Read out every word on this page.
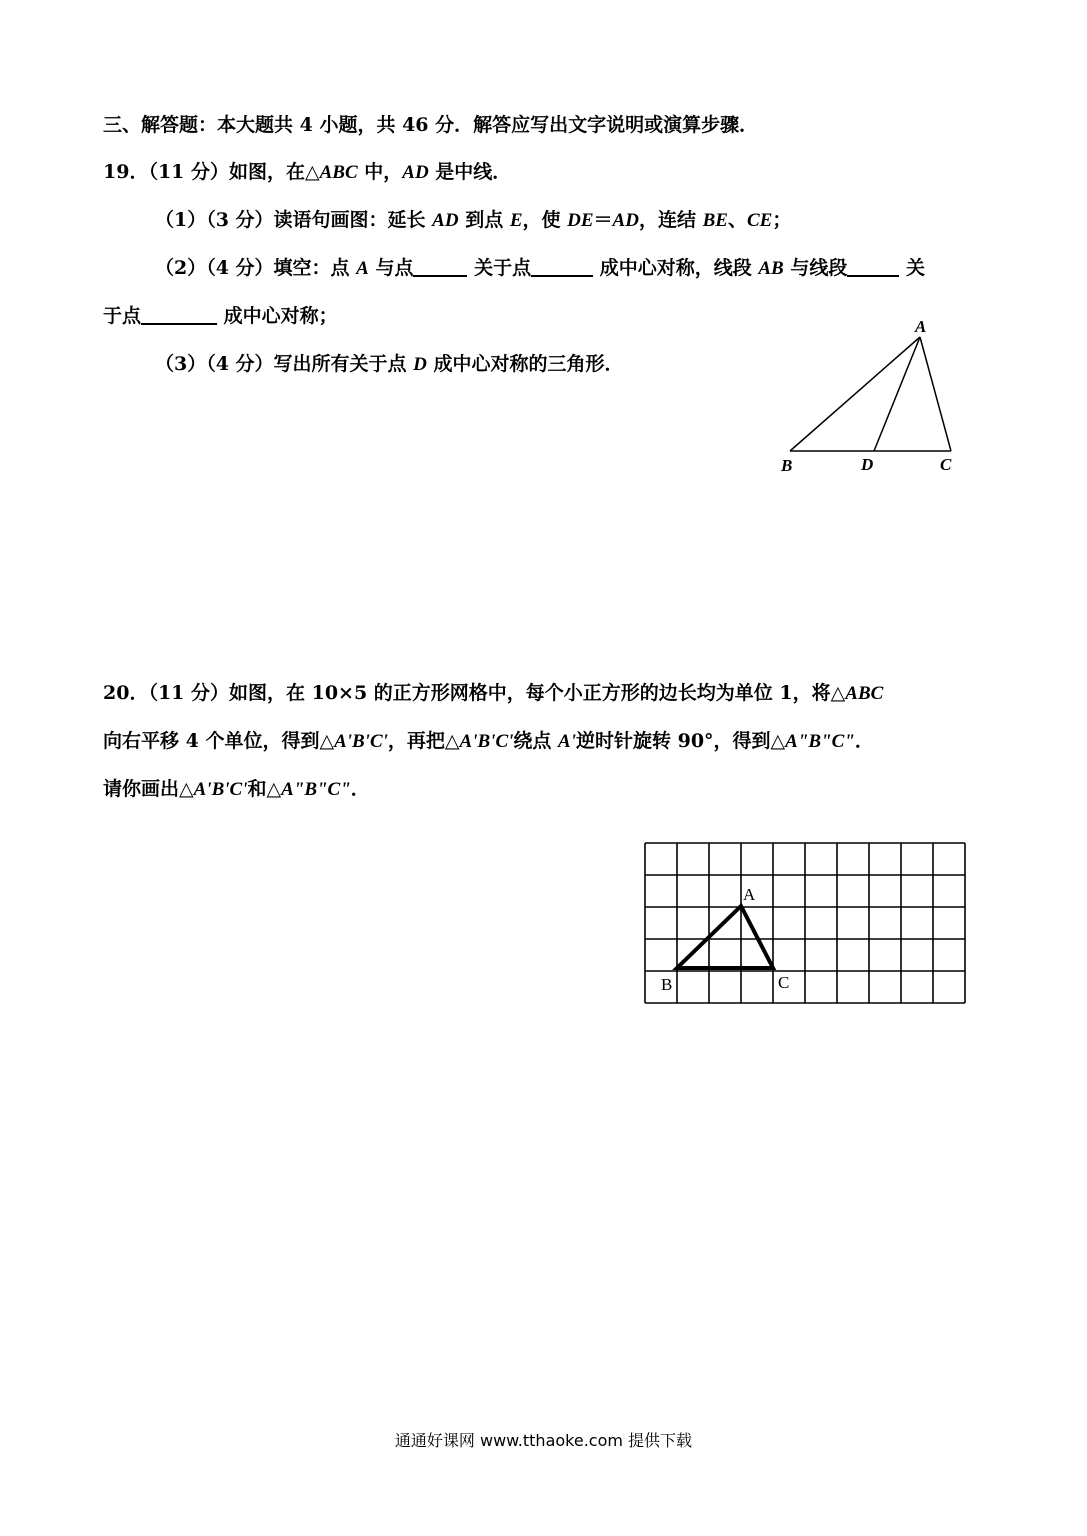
三、解答题：本大题共 4 小题，共 46 分．解答应写出文字说明或演算步骤．
19．（11 分）如图，在△ABC 中，AD 是中线．
（1）（3 分）读语句画图：延长 AD 到点 E，使 DE＝AD，连结 BE、CE；
（2）（4 分）填空：点 A 与点	关于点	成中心对称，线段 AB 与线段	关
于点	成中心对称；
（3）（4 分）写出所有关于点 D 成中心对称的三角形．
A
B	D	C
20．（11 分）如图，在 10×5 的正方形网格中，每个小正方形的边长均为单位 1，将△ABC
向右平移 4 个单位，得到△A'B'C'，再把△A'B'C'绕点 A'逆时针旋转 90°，得到△A"B"C"．
请你画出△A'B'C'和△A"B"C"．
A
B	C
通通好课网 www.tthaoke.com 提供下载
